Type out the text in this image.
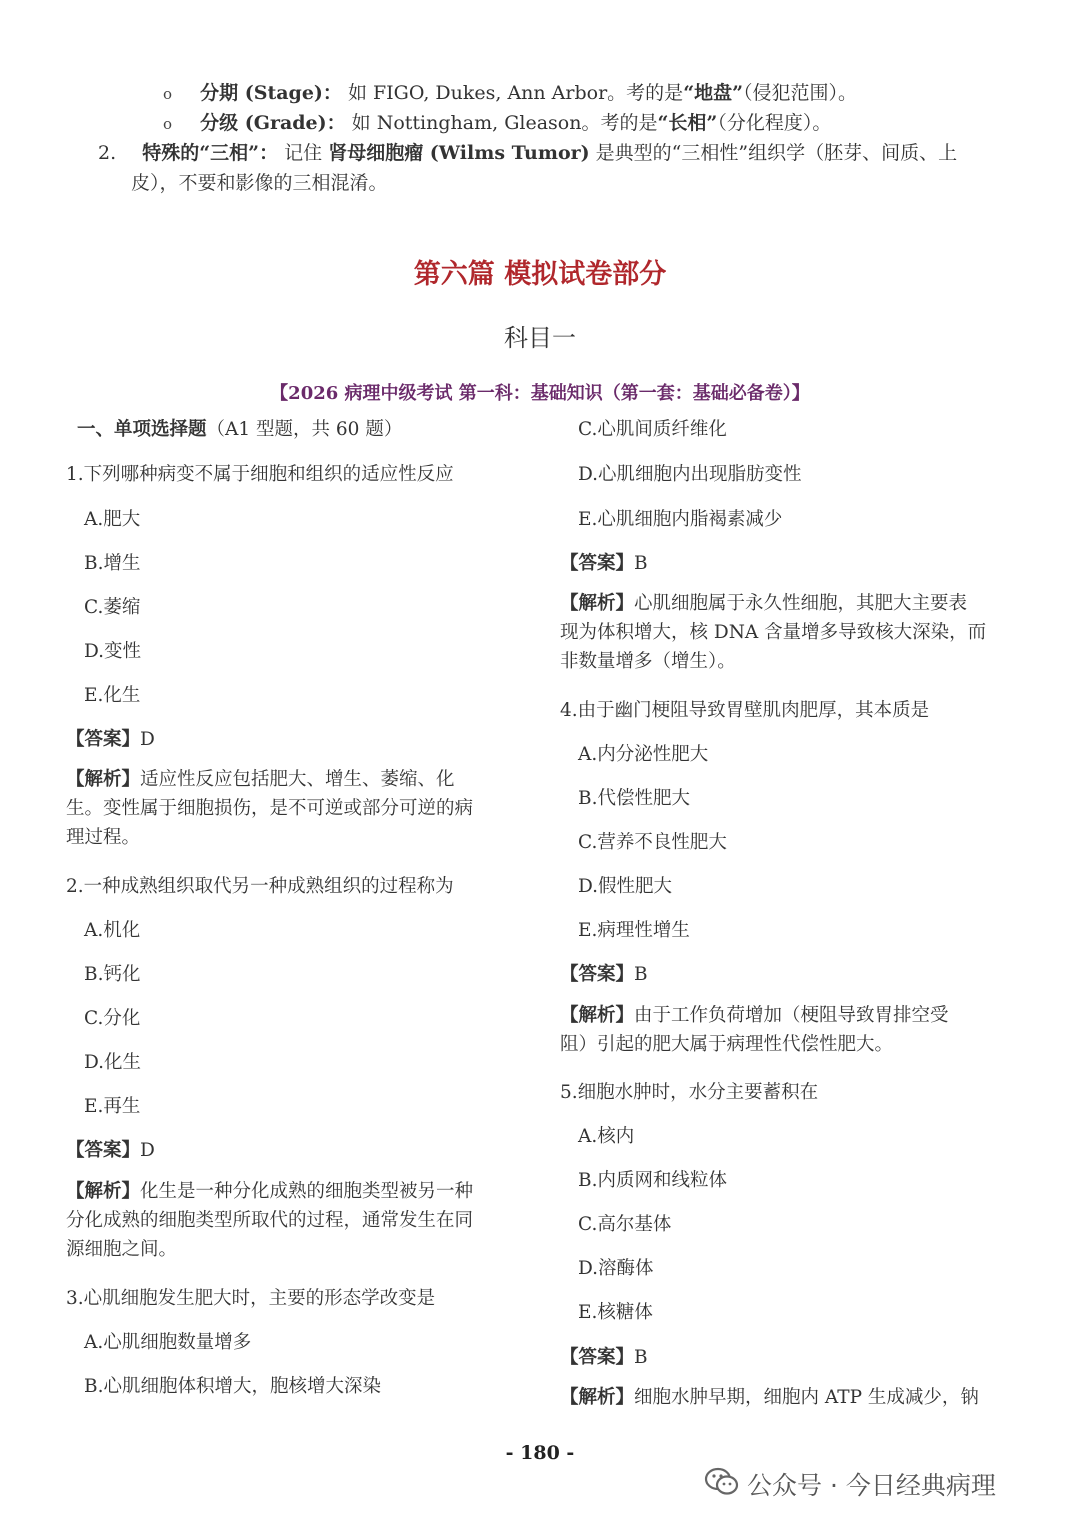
o 分期 (Stage)： 如 FIGO, Dukes, Ann Arbor。考的是“地盘”（侵犯范围）。
o 分级 (Grade)： 如 Nottingham, Gleason。考的是“长相”（分化程度）。
2. 特殊的“三相”： 记住 肾母细胞瘤 (Wilms Tumor) 是典型的“三相性”组织学（胚芽、间质、上
皮），不要和影像的三相混淆。
第六篇 模拟试卷部分
科目一
【2026 病理中级考试 第一科：基础知识（第一套：基础必备卷）】
一、单项选择题（A1 型题，共 60 题）
1.下列哪种病变不属于细胞和组织的适应性反应
A.肥大
B.增生
C.萎缩
D.变性
E.化生
【答案】D
【解析】适应性反应包括肥大、增生、萎缩、化
生。变性属于细胞损伤，是不可逆或部分可逆的病
理过程。
2.一种成熟组织取代另一种成熟组织的过程称为
A.机化
B.钙化
C.分化
D.化生
E.再生
【答案】D
【解析】化生是一种分化成熟的细胞类型被另一种
分化成熟的细胞类型所取代的过程，通常发生在同
源细胞之间。
3.心肌细胞发生肥大时，主要的形态学改变是
A.心肌细胞数量增多
B.心肌细胞体积增大，胞核增大深染
C.心肌间质纤维化
D.心肌细胞内出现脂肪变性
E.心肌细胞内脂褐素减少
【答案】B
【解析】心肌细胞属于永久性细胞，其肥大主要表
现为体积增大，核 DNA 含量增多导致核大深染，而
非数量增多（增生）。
4.由于幽门梗阻导致胃壁肌肉肥厚，其本质是
A.内分泌性肥大
B.代偿性肥大
C.营养不良性肥大
D.假性肥大
E.病理性增生
【答案】B
【解析】由于工作负荷增加（梗阻导致胃排空受
阻）引起的肥大属于病理性代偿性肥大。
5.细胞水肿时，水分主要蓄积在
A.核内
B.内质网和线粒体
C.高尔基体
D.溶酶体
E.核糖体
【答案】B
【解析】细胞水肿早期，细胞内 ATP 生成减少，钠
- 180 -
公众号 · 今日经典病理
